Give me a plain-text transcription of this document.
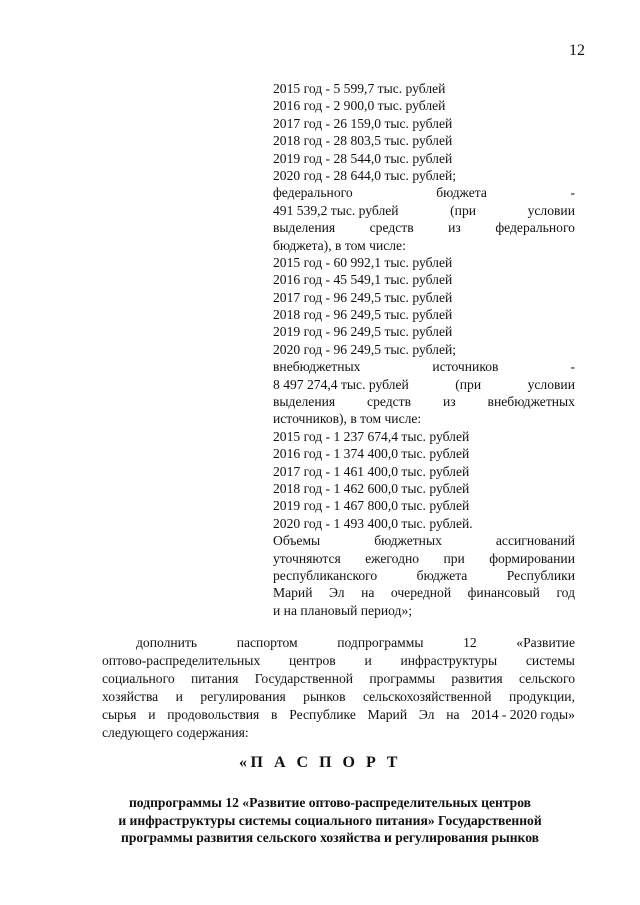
12
2015 год - 5 599,7 тыс. рублей
2016 год - 2 900,0 тыс. рублей
2017 год - 26 159,0 тыс. рублей
2018 год - 28 803,5 тыс. рублей
2019 год - 28 544,0 тыс. рублей
2020 год - 28 644,0 тыс. рублей;
федерального	бюджета	-
491 539,2 тыс. рублей	(при	условии
выделения	средств	из	федерального
бюджета), в том числе:
2015 год - 60 992,1 тыс. рублей
2016 год - 45 549,1 тыс. рублей
2017 год - 96 249,5 тыс. рублей
2018 год - 96 249,5 тыс. рублей
2019 год - 96 249,5 тыс. рублей
2020 год - 96 249,5 тыс. рублей;
внебюджетных	источников	-
8 497 274,4 тыс. рублей	(при	условии
выделения средств из внебюджетных
источников), в том числе:
2015 год - 1 237 674,4 тыс. рублей
2016 год - 1 374 400,0 тыс. рублей
2017 год - 1 461 400,0 тыс. рублей
2018 год - 1 462 600,0 тыс. рублей
2019 год - 1 467 800,0 тыс. рублей
2020 год - 1 493 400,0 тыс. рублей.
Объемы	бюджетных	ассигнований
уточняются ежегодно при формировании
республиканского	бюджета	Республики
Марий Эл на очередной финансовый год
и на плановый период»;
дополнить	паспортом	подпрограммы	12	«Развитие
оптово-распределительных центров и инфраструктуры системы
социального питания Государственной программы развития сельского
хозяйства и регулирования рынков сельскохозяйственной продукции,
сырья и продовольствия в Республике Марий Эл на 2014 - 2020 годы»
следующего содержания:
«П А С П О Р Т
подпрограммы 12 «Развитие оптово-распределительных центров
и инфраструктуры системы социального питания» Государственной
программы развития сельского хозяйства и регулирования рынков
